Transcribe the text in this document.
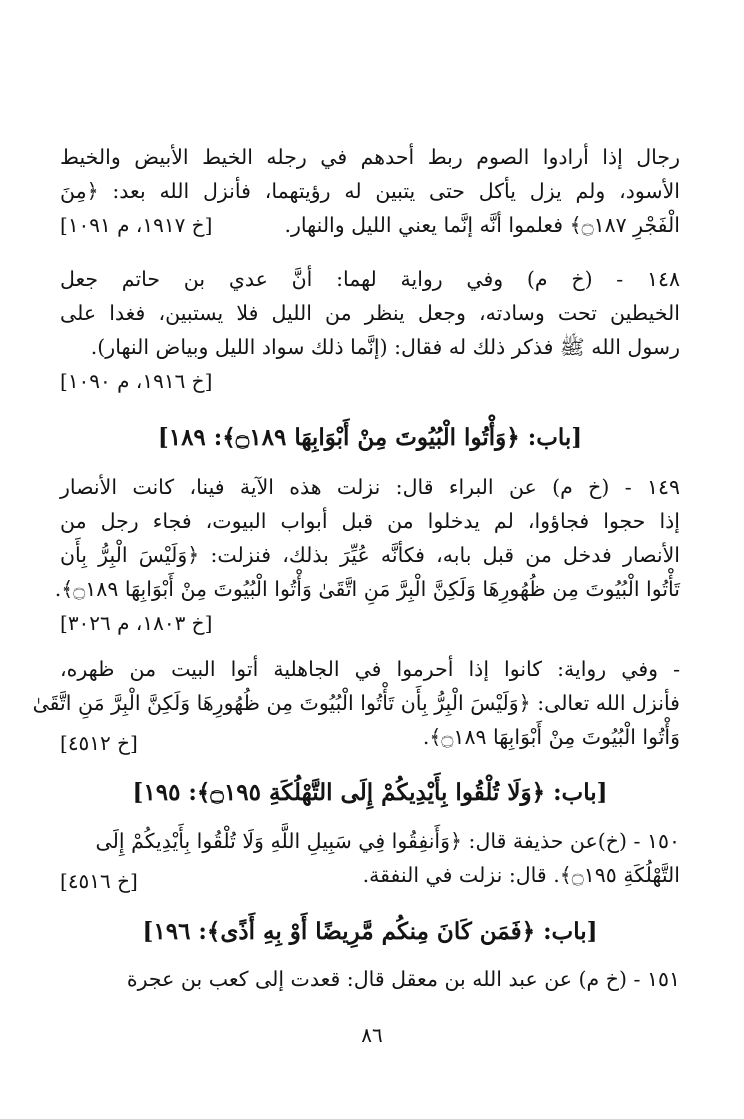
رجال إذا أرادوا الصوم ربط أحدهم في رجله الخيط الأبيض والخيط
الأسود، ولم يزل يأكل حتى يتبين له رؤيتهما، فأنزل الله بعد: ﴿مِنَ
الْفَجْرِ ۝١٨٧﴾ فعلموا أنَّه إنَّما يعني الليل والنهار.
[خ ١٩١٧، م ١٠٩١]
١٤٨ - (خ م) وفي رواية لهما: أنَّ عدي بن حاتم جعل
الخيطين تحت وسادته، وجعل ينظر من الليل فلا يستبين، فغدا على
رسول الله ﷺ فذكر ذلك له فقال: (إنَّما ذلك سواد الليل وبياض النهار).
[خ ١٩١٦، م ١٠٩٠]
[باب: ﴿وَأْتُوا الْبُيُوتَ مِنْ أَبْوَابِهَا ۝١٨٩﴾: ١٨٩]
١٤٩ - (خ م) عن البراء قال: نزلت هذه الآية فينا، كانت الأنصار
إذا حجوا فجاؤوا، لم يدخلوا من قبل أبواب البيوت، فجاء رجل من
الأنصار فدخل من قبل بابه، فكأنَّه عُيِّرَ بذلك، فنزلت: ﴿وَلَيْسَ الْبِرُّ بِأَن
تَأْتُوا الْبُيُوتَ مِن ظُهُورِهَا وَلَكِنَّ الْبِرَّ مَنِ اتَّقَىٰ وَأْتُوا الْبُيُوتَ مِنْ أَبْوَابِهَا ۝١٨٩﴾.
[خ ١٨٠٣، م ٣٠٢٦]
- وفي رواية: كانوا إذا أحرموا في الجاهلية أتوا البيت من ظهره،
فأنزل الله تعالى: ﴿وَلَيْسَ الْبِرُّ بِأَن تَأْتُوا الْبُيُوتَ مِن ظُهُورِهَا وَلَكِنَّ الْبِرَّ مَنِ اتَّقَىٰ
وَأْتُوا الْبُيُوتَ مِنْ أَبْوَابِهَا ۝١٨٩﴾.
[خ ٤٥١٢]
[باب: ﴿وَلَا تُلْقُوا بِأَيْدِيكُمْ إِلَى التَّهْلُكَةِ ۝١٩٥﴾: ١٩٥]
١٥٠ - (خ)عن حذيفة قال: ﴿وَأَنفِقُوا فِي سَبِيلِ اللَّهِ وَلَا تُلْقُوا بِأَيْدِيكُمْ إِلَى
التَّهْلُكَةِ ۝١٩٥﴾. قال: نزلت في النفقة.
[خ ٤٥١٦]
[باب: ﴿فَمَن كَانَ مِنكُم مَّرِيضًا أَوْ بِهِ أَذًى﴾: ١٩٦]
١٥١ - (خ م) عن عبد الله بن معقل قال: قعدت إلى كعب بن عجرة
٨٦
